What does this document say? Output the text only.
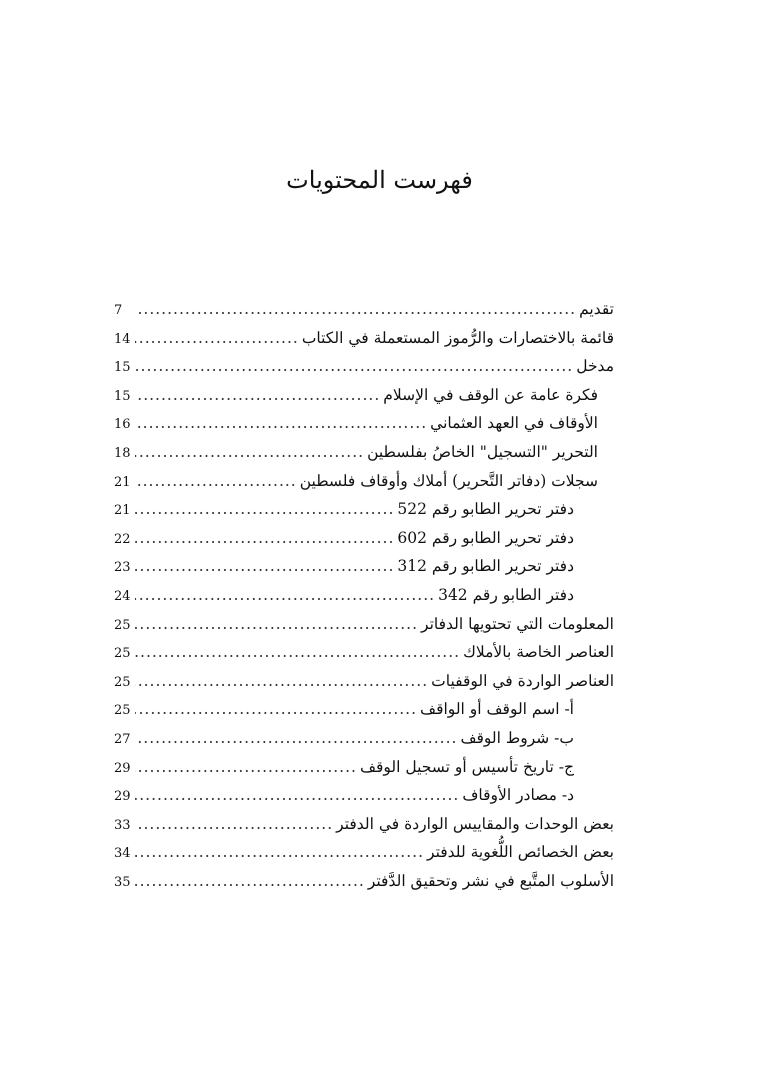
فهرست المحتويات
تقديم
.....
7
قائمة بالاختصارات والرُّموز المستعملة في الكتاب
.....
14
مدخل
.....
15
فكرة عامة عن الوقف في الإسلام
.....
15
الأوقاف في العهد العثماني
.....
16
التحرير "التسجيل" الخاصُ بفلسطين
.....
18
سجلات (دفاتر التَّحرير) أملاك وأوقاف فلسطين
.....
21
دفتر تحرير الطابو رقم 522
.....
21
دفتر تحرير الطابو رقم 602
.....
22
دفتر تحرير الطابو رقم 312
.....
23
دفتر الطابو رقم 342
.....
24
المعلومات التي تحتويها الدفاتر
.....
25
العناصر الخاصة بالأملاك
.....
25
العناصر الواردة في الوقفيات
.....
25
أ- اسم الوقف أو الواقف
.....
25
ب- شروط الوقف
.....
27
ج- تاريخ تأسيس أو تسجيل الوقف
.....
29
د- مصادر الأوقاف
.....
29
بعض الوحدات والمقاييس الواردة في الدفتر
.....
33
بعض الخصائص اللُّغوية للدفتر
.....
34
الأسلوب المتَّبع في نشر وتحقيق الدَّفتر
.....
35
